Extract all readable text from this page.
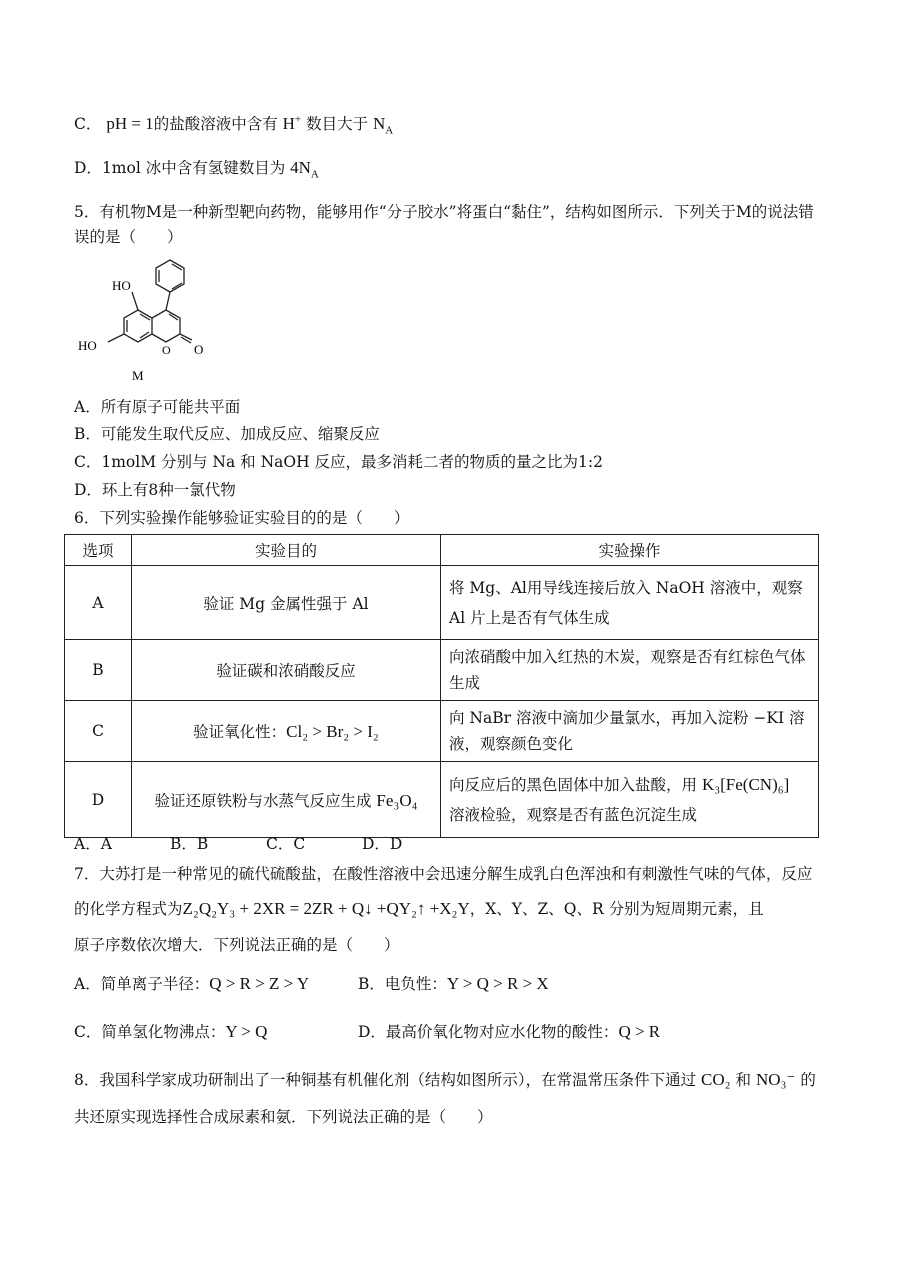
C． pH = 1的盐酸溶液中含有 H+ 数目大于 $N_A$
D．1mol 冰中含有氢键数目为 $4N_A$
5．有机物M是一种新型靶向药物，能够用作“分子胶水”将蛋白“黏住”，结构如图所示．下列关于M的说法错
误的是（　　）
HO
HO	O O
M
A．所有原子可能共平面
B．可能发生取代反应、加成反应、缩聚反应
C．1molM 分别与 Na 和 NaOH 反应，最多消耗二者的物质的量之比为1:2
D．环上有8种一氯代物
6．下列实验操作能够验证实验目的的是（　　）
选项	实验目的	实验操作
A	验证 Mg 金属性强于 Al	将 Mg、Al用导线连接后放入 NaOH 溶液中，观察
Al 片上是否有气体生成

B	验证碳和浓硝酸反应	向浓硝酸中加入红热的木炭，观察是否有红棕色气体
生成

C	验证氧化性：Cl₂ > Br₂ > I₂	向 NaBr 溶液中滴加少量氯水，再加入淀粉 −KI 溶
液，观察颜色变化

D	验证还原铁粉与水蒸气反应生成 Fe₃O₄	向反应后的黑色固体中加入盐酸，用 K₃[Fe(CN)₆]
溶液检验，观察是否有蓝色沉淀生成
A．A	B．B	C．C	D．D
7．大苏打是一种常见的硫代硫酸盐，在酸性溶液中会迅速分解生成乳白色浑浊和有刺激性气味的气体，反应
的化学方程式为Z₂Q₂Y₃ + 2XR = 2ZR + Q↓ +QY₂↑ +X₂Y，X、Y、Z、Q、R 分别为短周期元素，且
原子序数依次增大．下列说法正确的是（　　）
A．简单离子半径：Q > R > Z > Y	B．电负性：Y > Q > R > X
C．简单氢化物沸点：Y > Q	D．最高价氧化物对应水化物的酸性：Q > R
8．我国科学家成功研制出了一种铜基有机催化剂（结构如图所示），在常温常压条件下通过 CO₂ 和 NO₃⁻ 的
共还原实现选择性合成尿素和氨．下列说法正确的是（　　）
